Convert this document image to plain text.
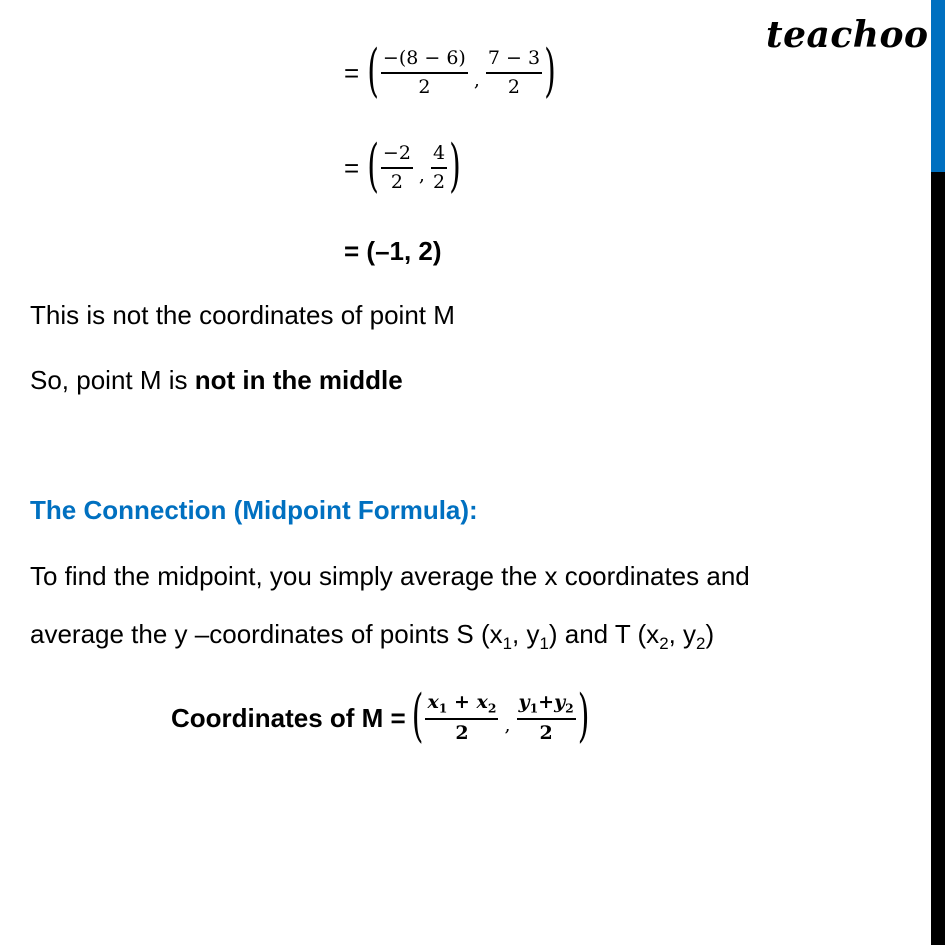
teachoo
= ( $\frac{-(8 - 6)}{2}$ , $\frac{7 - 3}{2}$ )
= ( $\frac{-2}{2}$ , $\frac{4}{2}$ )
= (–1, 2)
This is not the coordinates of point M
So, point M is not in the middle
The Connection (Midpoint Formula):
To find the midpoint, you simply average the x coordinates and
average the y –coordinates of points S ($x_1$, $y_1$) and T ($x_2$, $y_2$)
Coordinates of M = ( $\frac{x_1 + x_2}{2}$ , $\frac{y_1+y_2}{2}$ )
